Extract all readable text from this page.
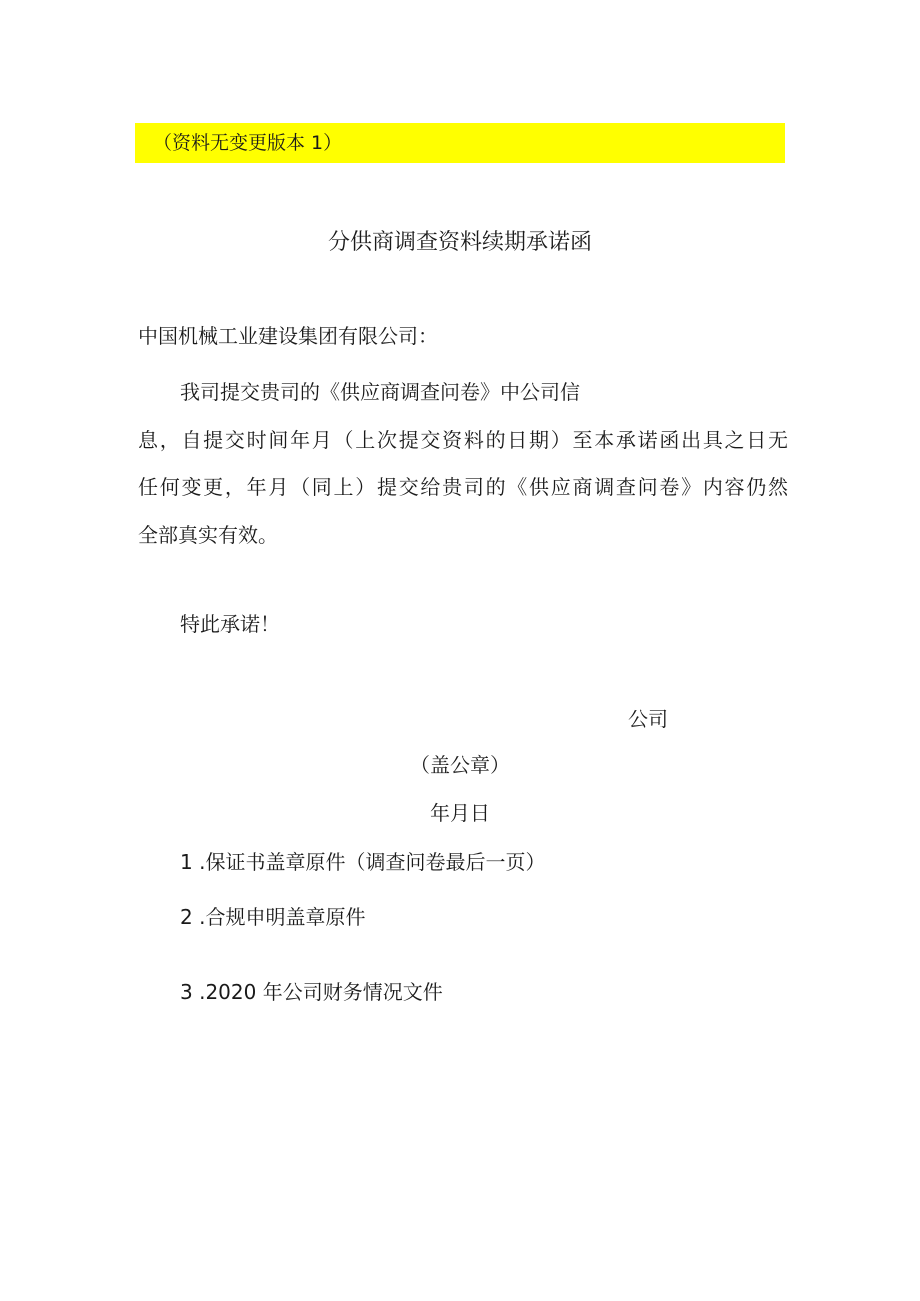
（资料无变更版本 1）
分供商调查资料续期承诺函
中国机械工业建设集团有限公司：
我司提交贵司的《供应商调查问卷》中公司信
息，自提交时间年月（上次提交资料的日期）至本承诺函出具之日无
任何变更，年月（同上）提交给贵司的《供应商调查问卷》内容仍然
全部真实有效。
特此承诺！
公司
（盖公章）
年月日
1 .保证书盖章原件（调查问卷最后一页）
2 .合规申明盖章原件
3 .2020 年公司财务情况文件
